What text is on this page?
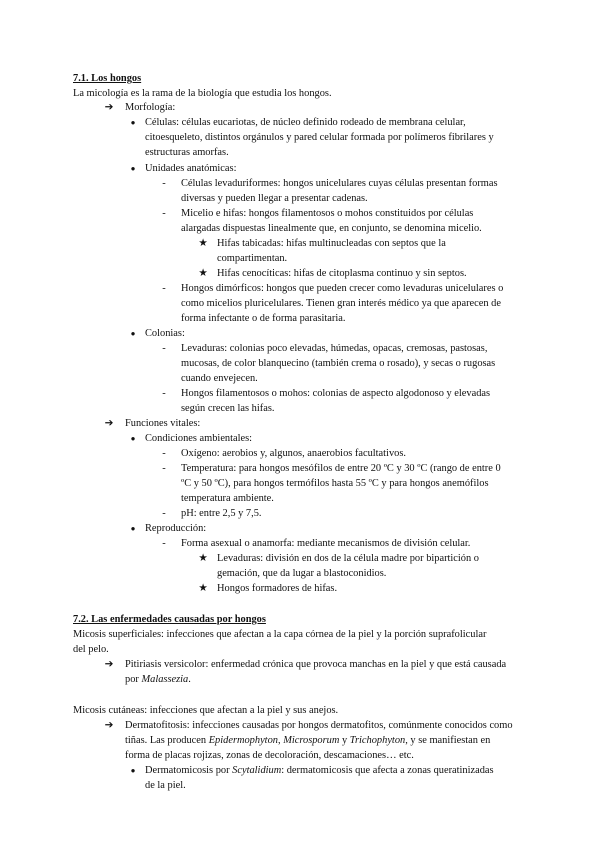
7.1. Los hongos
La micología es la rama de la biología que estudia los hongos.
➔ Morfología:
● Células: células eucariotas, de núcleo definido rodeado de membrana celular,
citoesqueleto, distintos orgánulos y pared celular formada por polímeros fibrilares y
estructuras amorfas.
● Unidades anatómicas:
-	Células levaduriformes: hongos unicelulares cuyas células presentan formas
diversas y pueden llegar a presentar cadenas.
-	Micelio e hifas: hongos filamentosos o mohos constituidos por células
alargadas dispuestas linealmente que, en conjunto, se denomina micelio.
★ Hifas tabicadas: hifas multinucleadas con septos que la
compartimentan.
★ Hifas cenocíticas: hifas de citoplasma continuo y sin septos.
-	Hongos dimórficos: hongos que pueden crecer como levaduras unicelulares o
como micelios pluricelulares. Tienen gran interés médico ya que aparecen de
forma infectante o de forma parasitaria.
● Colonias:
-	Levaduras: colonias poco elevadas, húmedas, opacas, cremosas, pastosas,
mucosas, de color blanquecino (también crema o rosado), y secas o rugosas
cuando envejecen.
-	Hongos filamentosos o mohos: colonias de aspecto algodonoso y elevadas
según crecen las hifas.
➔ Funciones vitales:
● Condiciones ambientales:
-	Oxígeno: aerobios y, algunos, anaerobios facultativos.
-	Temperatura: para hongos mesófilos de entre 20 ºC y 30 ºC (rango de entre 0
ºC y 50 ºC), para hongos termófilos hasta 55 ºC y para hongos anemófilos
temperatura ambiente.
-	pH: entre 2,5 y 7,5.
● Reproducción:
-	Forma asexual o anamorfa: mediante mecanismos de división celular.
★ Levaduras: división en dos de la célula madre por bipartición o
gemación, que da lugar a blastoconidios.
★ Hongos formadores de hifas.
7.2. Las enfermedades causadas por hongos
Micosis superficiales: infecciones que afectan a la capa córnea de la piel y la porción suprafolicular
del pelo.
➔ Pitiriasis versicolor: enfermedad crónica que provoca manchas en la piel y que está causada
por Malassezia.
Micosis cutáneas: infecciones que afectan a la piel y sus anejos.
➔ Dermatofitosis: infecciones causadas por hongos dermatofitos, comúnmente conocidos como
tiñas. Las producen Epidermophyton, Microsporum y Trichophyton, y se manifiestan en
forma de placas rojizas, zonas de decoloración, descamaciones… etc.
● Dermatomicosis por Scytalidium: dermatomicosis que afecta a zonas queratinizadas
de la piel.
